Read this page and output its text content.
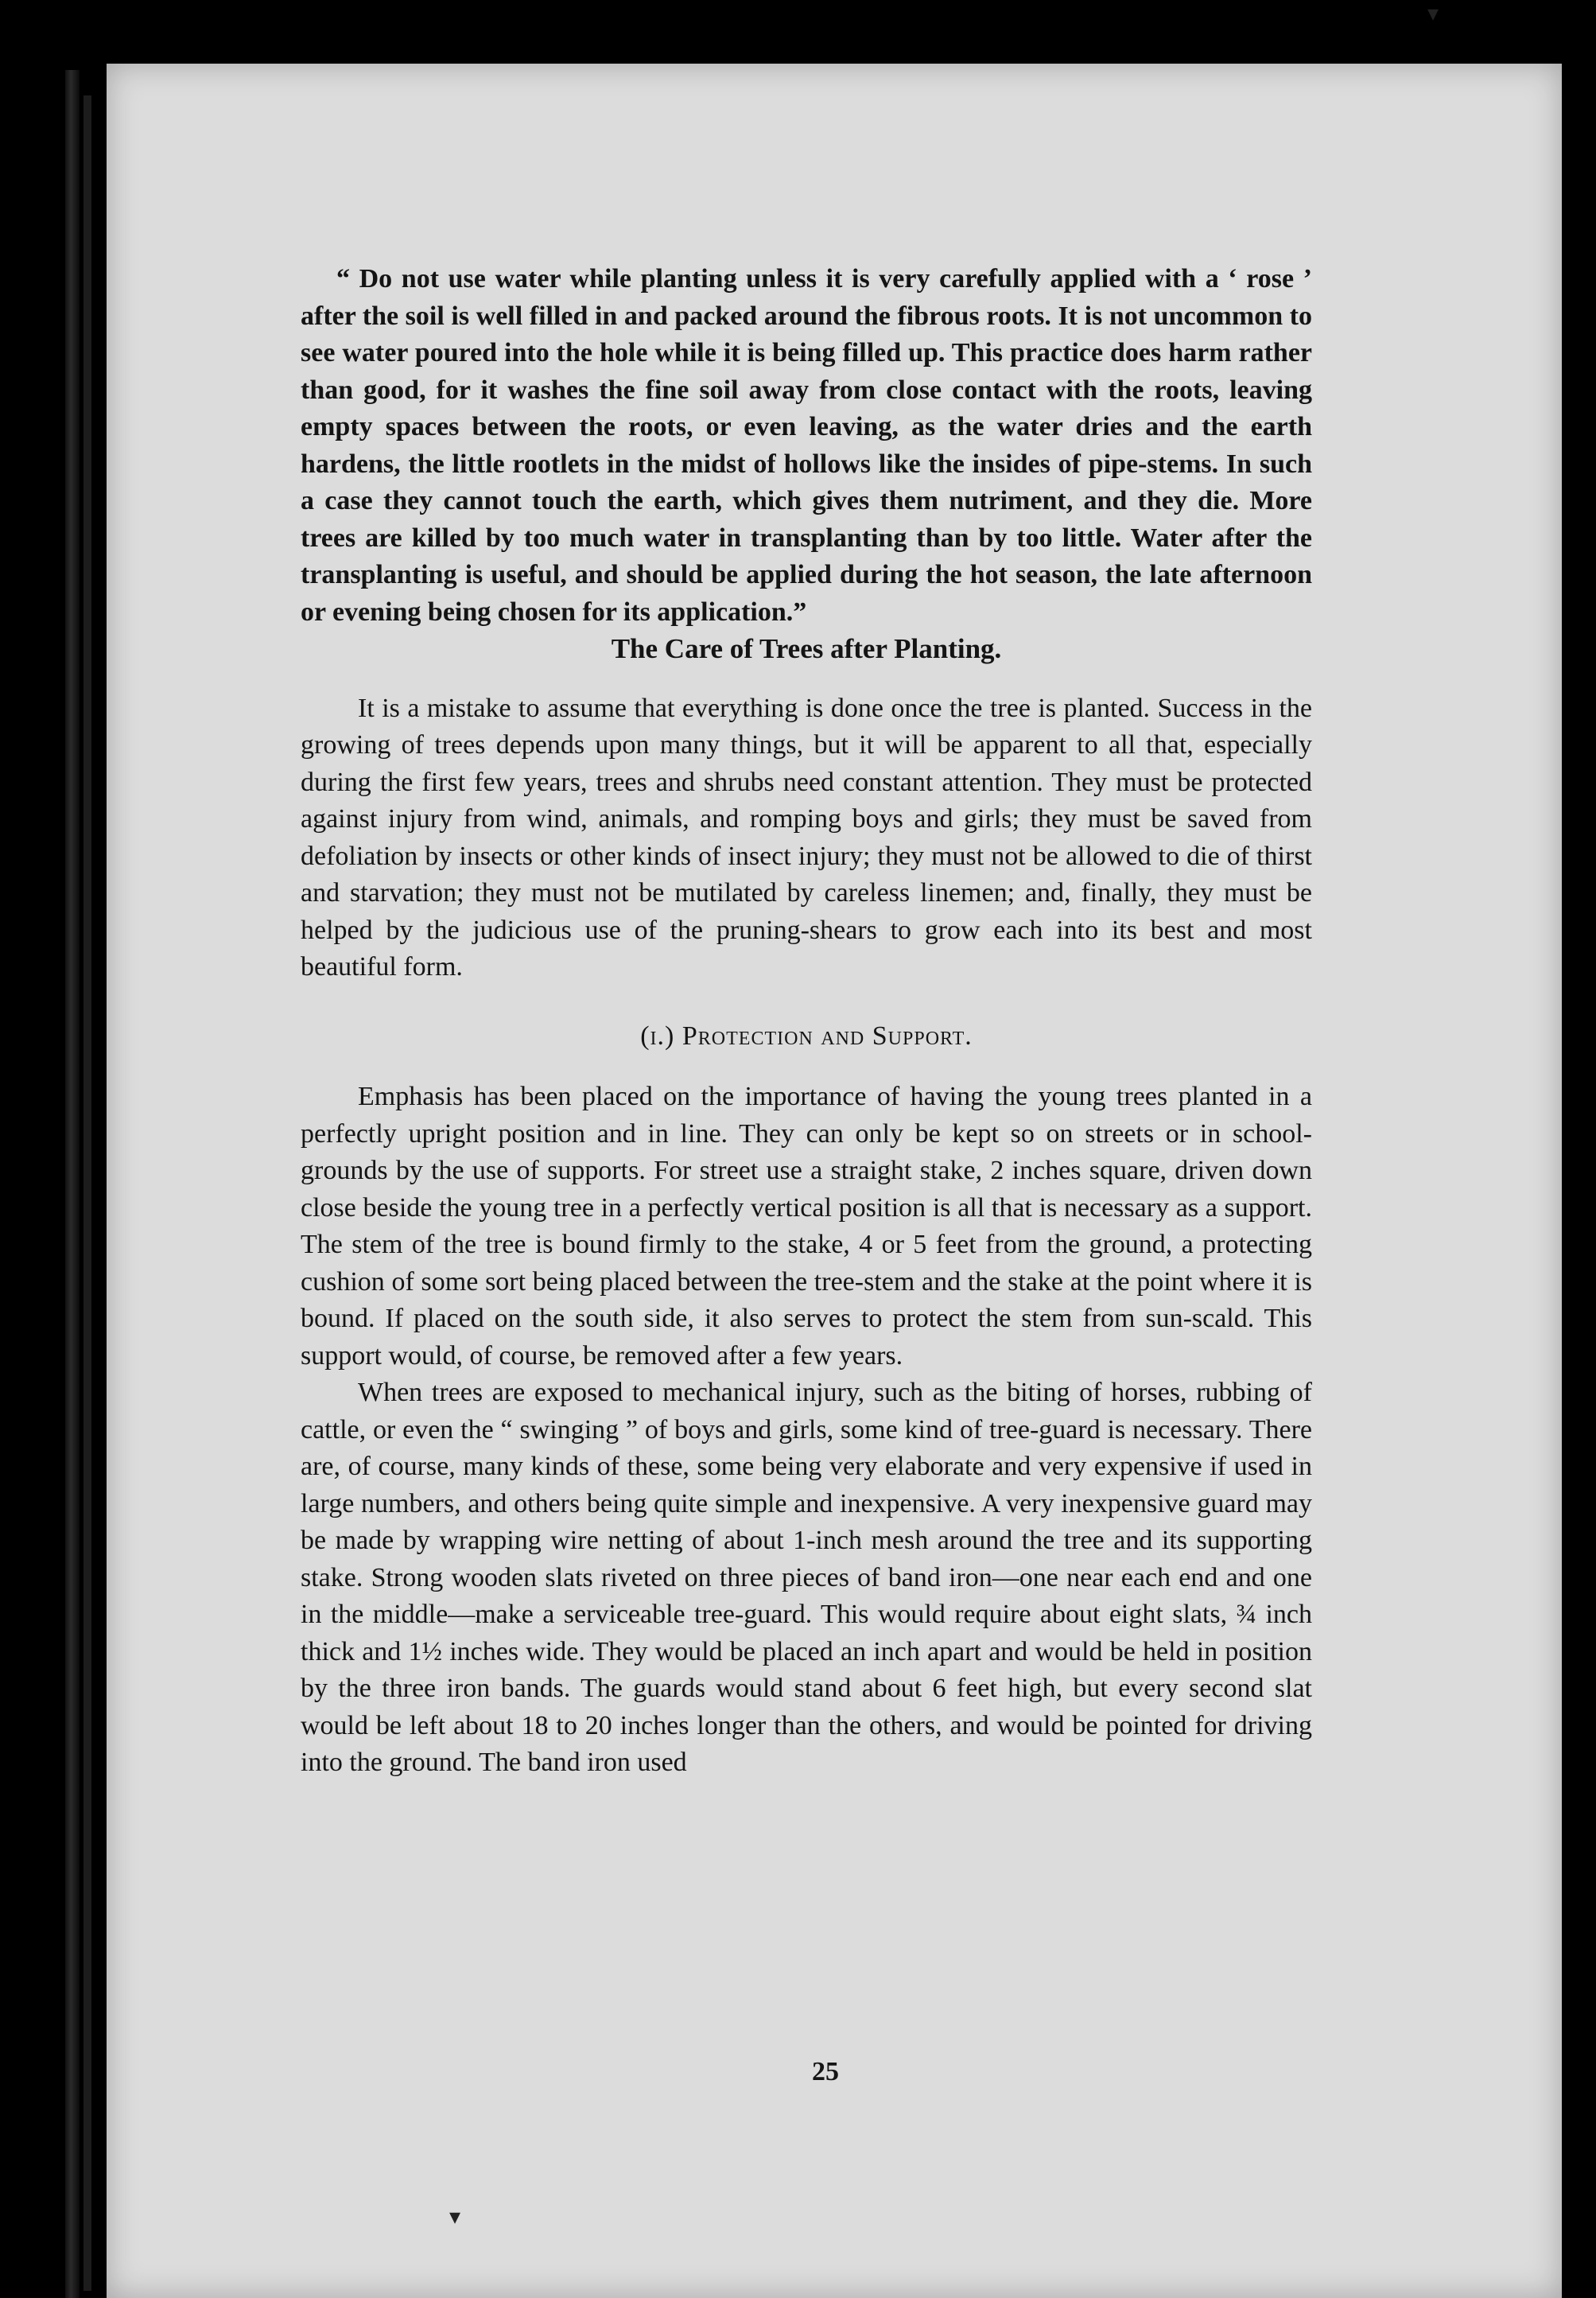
“ Do not use water while planting unless it is very carefully applied with a ‘ rose ’ after the soil is well filled in and packed around the fibrous roots. It is not uncommon to see water poured into the hole while it is being filled up. This practice does harm rather than good, for it washes the fine soil away from close contact with the roots, leaving empty spaces between the roots, or even leaving, as the water dries and the earth hardens, the little rootlets in the midst of hollows like the insides of pipe-stems. In such a case they cannot touch the earth, which gives them nutriment, and they die. More trees are killed by too much water in transplanting than by too little. Water after the transplanting is useful, and should be applied during the hot season, the late afternoon or evening being chosen for its application.”

The Care of Trees after Planting.

It is a mistake to assume that everything is done once the tree is planted. Success in the growing of trees depends upon many things, but it will be apparent to all that, especially during the first few years, trees and shrubs need constant attention. They must be protected against injury from wind, animals, and romping boys and girls; they must be saved from defoliation by insects or other kinds of insect injury; they must not be allowed to die of thirst and starvation; they must not be mutilated by careless linemen; and, finally, they must be helped by the judicious use of the pruning-shears to grow each into its best and most beautiful form.

(i.) Protection and Support.

Emphasis has been placed on the importance of having the young trees planted in a perfectly upright position and in line. They can only be kept so on streets or in school-grounds by the use of supports. For street use a straight stake, 2 inches square, driven down close beside the young tree in a perfectly vertical position is all that is necessary as a support. The stem of the tree is bound firmly to the stake, 4 or 5 feet from the ground, a protecting cushion of some sort being placed between the tree-stem and the stake at the point where it is bound. If placed on the south side, it also serves to protect the stem from sun-scald. This support would, of course, be removed after a few years.

When trees are exposed to mechanical injury, such as the biting of horses, rubbing of cattle, or even the “ swinging ” of boys and girls, some kind of tree-guard is necessary. There are, of course, many kinds of these, some being very elaborate and very expensive if used in large numbers, and others being quite simple and inexpensive. A very inexpensive guard may be made by wrapping wire netting of about 1-inch mesh around the tree and its supporting stake. Strong wooden slats riveted on three pieces of band iron—one near each end and one in the middle—make a serviceable tree-guard. This would require about eight slats, ¾ inch thick and 1½ inches wide. They would be placed an inch apart and would be held in position by the three iron bands. The guards would stand about 6 feet high, but every second slat would be left about 18 to 20 inches longer than the others, and would be pointed for driving into the ground. The band iron used

25
▾
▾
